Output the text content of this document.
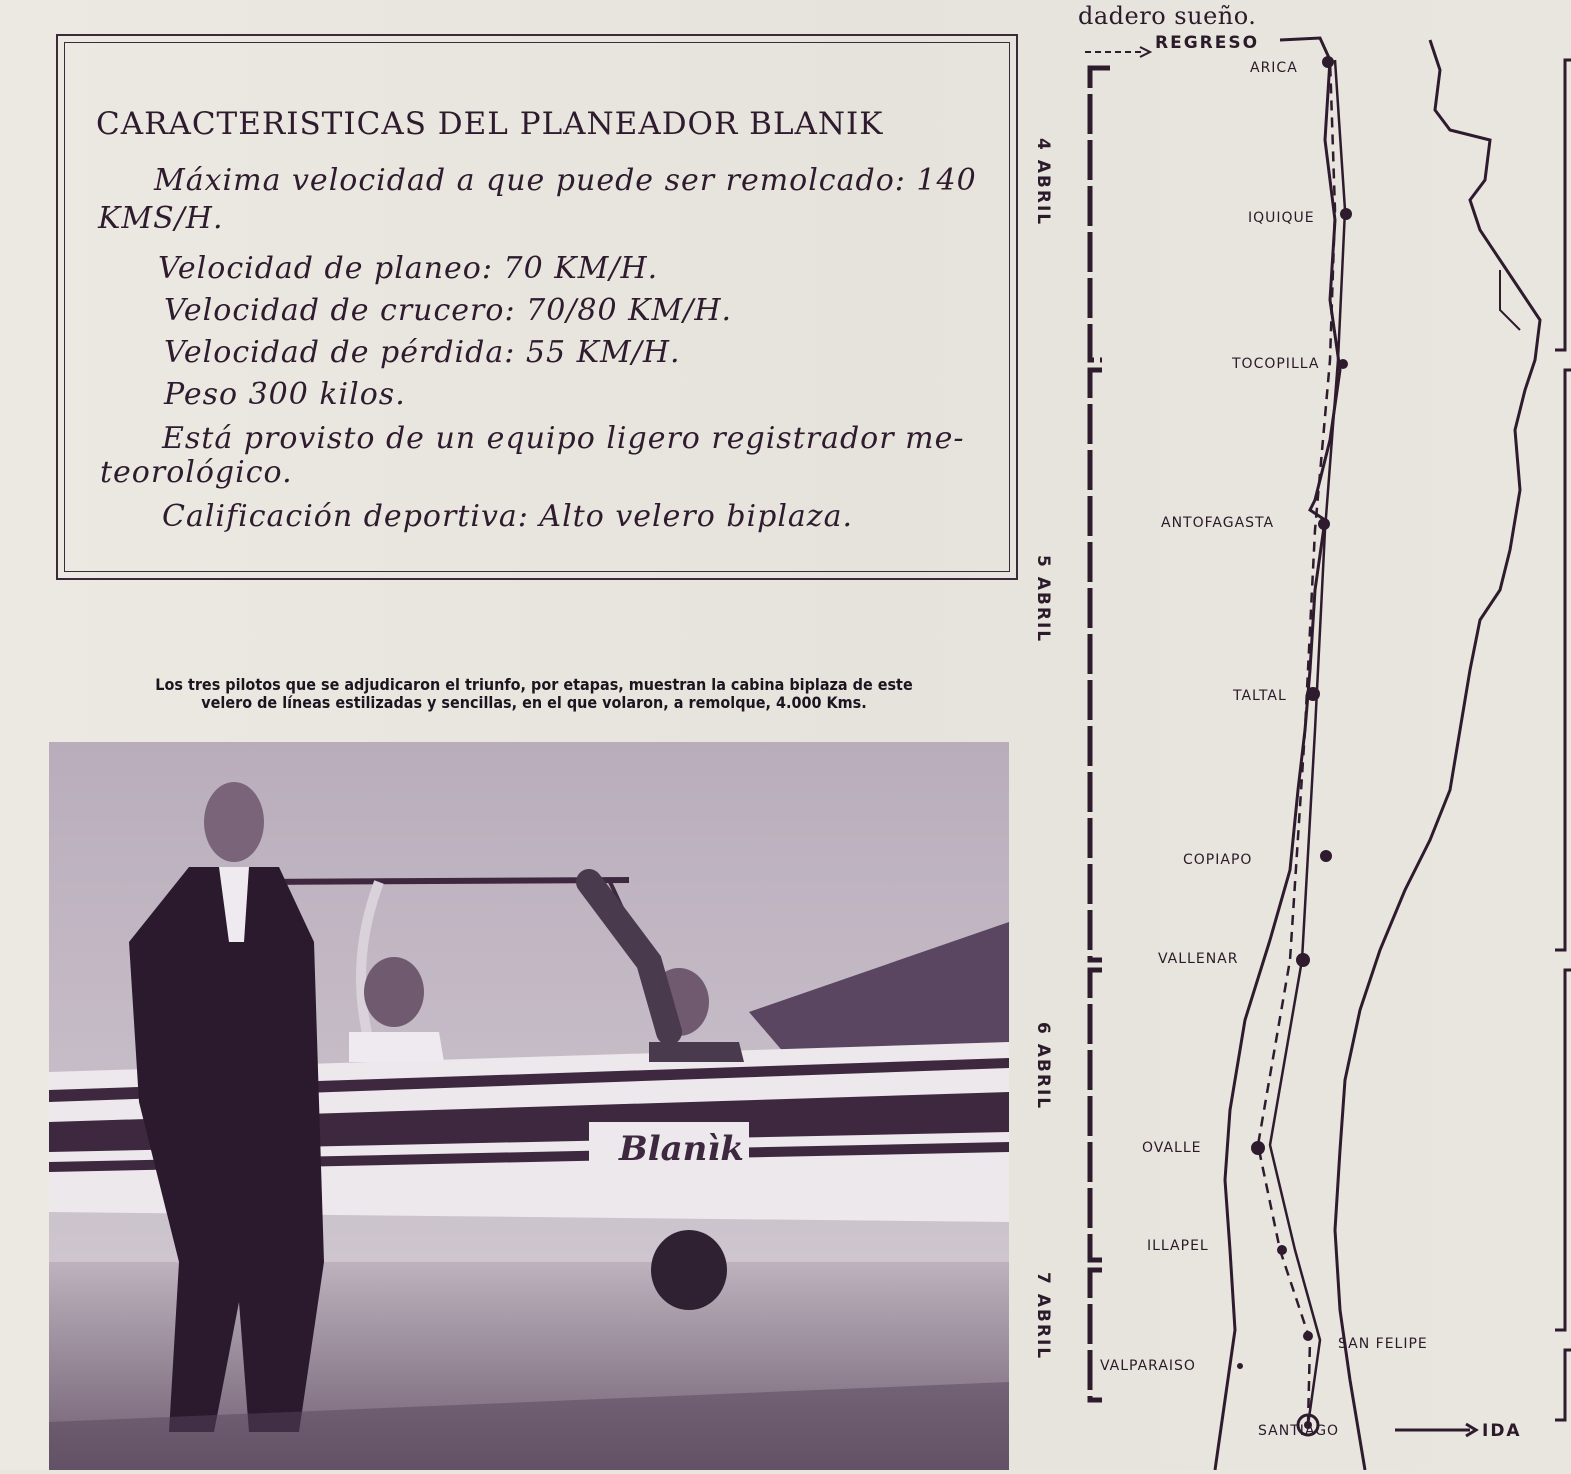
dadero sueño.
CARACTERISTICAS DEL PLANEADOR BLANIK
Máxima velocidad a que puede ser remolcado: 140
KMS/H.
Velocidad de planeo: 70 KM/H.
Velocidad de crucero: 70/80 KM/H.
Velocidad de pérdida: 55 KM/H.
Peso 300 kilos.
Está provisto de un equipo ligero registrador me-
teorológico.
Calificación deportiva: Alto velero biplaza.
Los tres pilotos que se adjudicaron el triunfo, por etapas, muestran la cabina biplaza de este
velero de líneas estilizadas y sencillas, en el que volaron, a remolque, 4.000 Kms.
Blanìk
REGRESO
IDA
ARICA
IQUIQUE
TOCOPILLA
ANTOFAGASTA
TALTAL
COPIAPO
VALLENAR
OVALLE
ILLAPEL
SAN FELIPE
VALPARAISO
SANTIAGO
4 ABRIL
5 ABRIL
6 ABRIL
7 ABRIL
